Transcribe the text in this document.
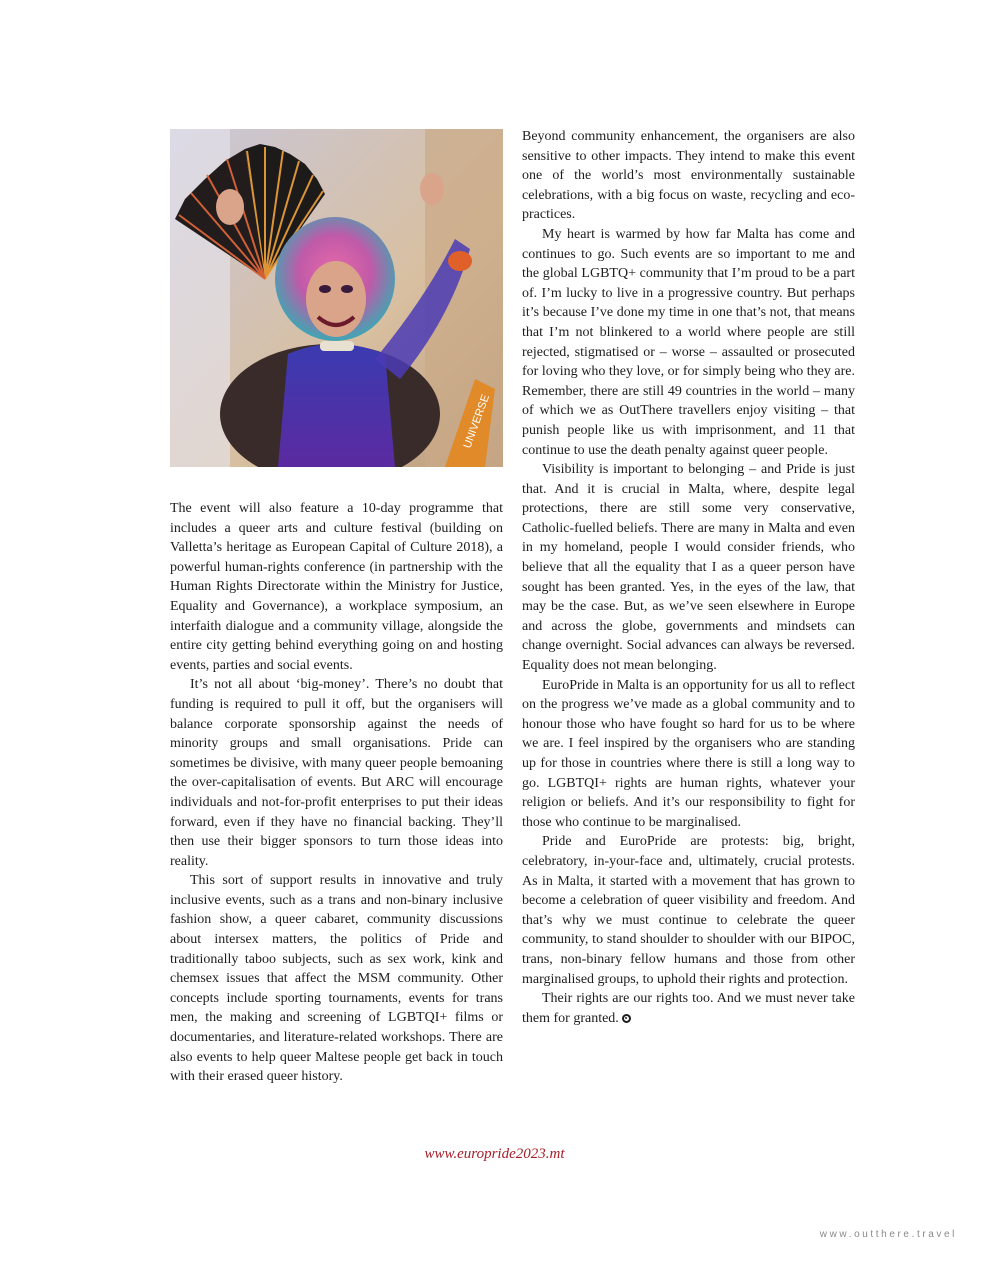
UNIVERSE

The event will also feature a 10-day programme that includes a queer arts and culture festival (building on Valletta’s heritage as European Capital of Culture 2018), a powerful human-rights conference (in partnership with the Human Rights Directorate within the Ministry for Justice, Equality and Governance), a workplace symposium, an interfaith dialogue and a community village, alongside the entire city getting behind everything going on and hosting events, parties and social events.

It’s not all about ‘big-money’. There’s no doubt that funding is required to pull it off, but the organisers will balance corporate sponsorship against the needs of minority groups and small organisations. Pride can sometimes be divisive, with many queer people bemoaning the over-capitalisation of events. But ARC will encourage individuals and not-for-profit enterprises to put their ideas forward, even if they have no financial backing. They’ll then use their bigger sponsors to turn those ideas into reality.

This sort of support results in innovative and truly inclusive events, such as a trans and non-binary inclusive fashion show, a queer cabaret, community discussions about intersex matters, the politics of Pride and traditionally taboo subjects, such as sex work, kink and chemsex issues that affect the MSM community. Other concepts include sporting tournaments, events for trans men, the making and screening of LGBTQI+ films or documentaries, and literature-related workshops. There are also events to help queer Maltese people get back in touch with their erased queer history.

Beyond community enhancement, the organisers are also sensitive to other impacts. They intend to make this event one of the world’s most environmentally sustainable celebrations, with a big focus on waste, recycling and eco-practices.

My heart is warmed by how far Malta has come and continues to go. Such events are so important to me and the global LGBTQ+ community that I’m proud to be a part of. I’m lucky to live in a progressive country. But perhaps it’s because I’ve done my time in one that’s not, that means that I’m not blinkered to a world where people are still rejected, stigmatised or – worse – assaulted or prosecuted for loving who they love, or for simply being who they are. Remember, there are still 49 countries in the world – many of which we as OutThere travellers enjoy visiting – that punish people like us with imprisonment, and 11 that continue to use the death penalty against queer people.

Visibility is important to belonging – and Pride is just that. And it is crucial in Malta, where, despite legal protections, there are still some very conservative, Catholic-fuelled beliefs. There are many in Malta and even in my homeland, people I would consider friends, who believe that all the equality that I as a queer person have sought has been granted. Yes, in the eyes of the law, that may be the case. But, as we’ve seen elsewhere in Europe and across the globe, governments and mindsets can change overnight. Social advances can always be reversed. Equality does not mean belonging.

EuroPride in Malta is an opportunity for us all to reflect on the progress we’ve made as a global community and to honour those who have fought so hard for us to be where we are. I feel inspired by the organisers who are standing up for those in countries where there is still a long way to go. LGBTQI+ rights are human rights, whatever your religion or beliefs. And it’s our responsibility to fight for those who continue to be marginalised.

Pride and EuroPride are protests: big, bright, celebratory, in-your-face and, ultimately, crucial protests. As in Malta, it started with a movement that has grown to become a celebration of queer visibility and freedom. And that’s why we must continue to celebrate the queer community, to stand shoulder to shoulder with our BIPOC, trans, non-binary fellow humans and those from other marginalised groups, to uphold their rights and protection.

Their rights are our rights too. And we must never take them for granted.

www.europride2023.mt
www.outthere.travel
